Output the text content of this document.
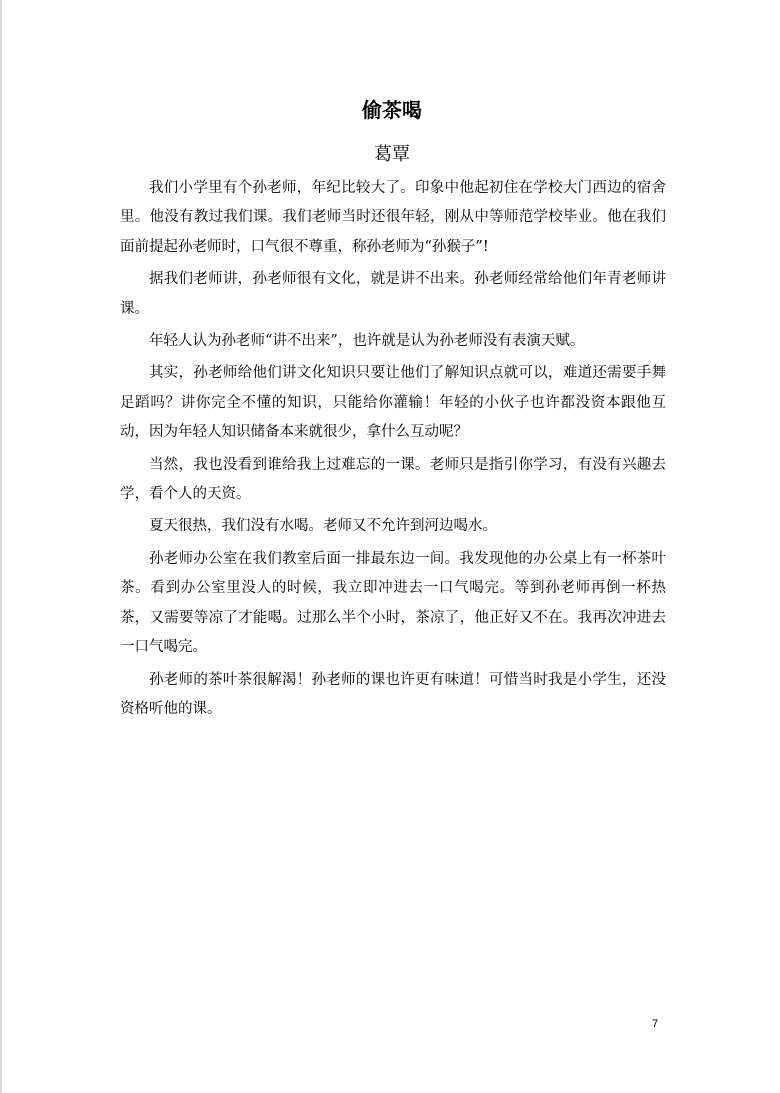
偷茶喝
葛覃

我们小学里有个孙老师，年纪比较大了。印象中他起初住在学校大门西边的宿舍里。他没有教过我们课。我们老师当时还很年轻，刚从中等师范学校毕业。他在我们面前提起孙老师时，口气很不尊重，称孙老师为“孙猴子”!

据我们老师讲，孙老师很有文化，就是讲不出来。孙老师经常给他们年青老师讲课。

年轻人认为孙老师“讲不出来”，也许就是认为孙老师没有表演天赋。

其实，孙老师给他们讲文化知识只要让他们了解知识点就可以，难道还需要手舞足蹈吗？讲你完全不懂的知识，只能给你灌输！年轻的小伙子也许都没资本跟他互动，因为年轻人知识储备本来就很少，拿什么互动呢？

当然，我也没看到谁给我上过难忘的一课。老师只是指引你学习，有没有兴趣去学，看个人的天资。

夏天很热，我们没有水喝。老师又不允许到河边喝水。

孙老师办公室在我们教室后面一排最东边一间。我发现他的办公桌上有一杯茶叶茶。看到办公室里没人的时候，我立即冲进去一口气喝完。等到孙老师再倒一杯热茶，又需要等凉了才能喝。过那么半个小时，茶凉了，他正好又不在。我再次冲进去一口气喝完。

孙老师的茶叶茶很解渴！孙老师的课也许更有味道！可惜当时我是小学生，还没资格听他的课。

7
